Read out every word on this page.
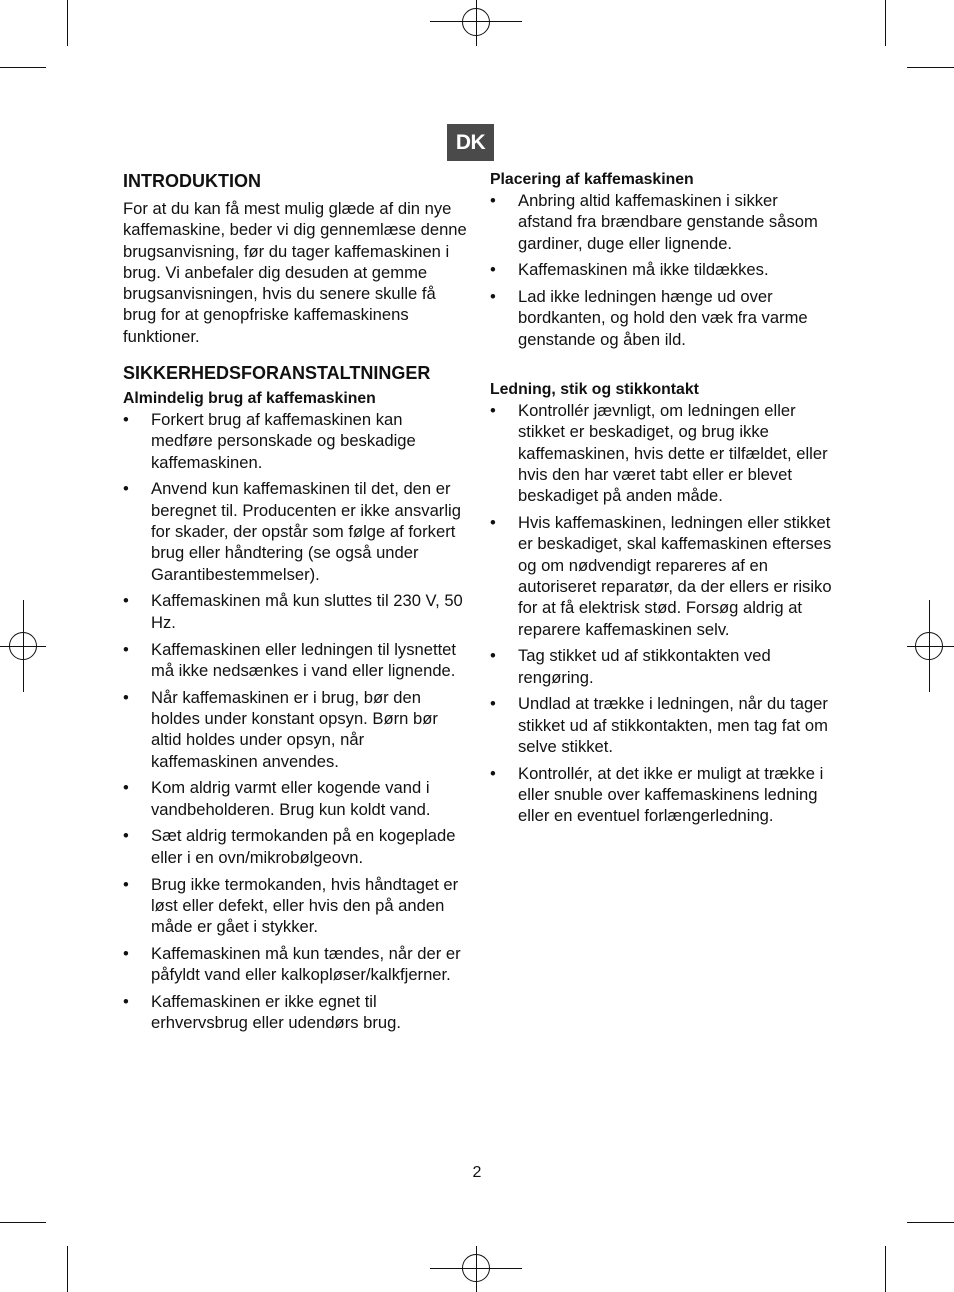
DK
INTRODUKTION

For at du kan få mest mulig glæde af din nye kaffemaskine, beder vi dig gennemlæse denne brugsanvisning, før du tager kaffemaskinen i brug. Vi anbefaler dig desuden at gemme brugsanvisningen, hvis du senere skulle få brug for at genopfriske kaffemaskinens funktioner.

SIKKERHEDSFORANSTALTNINGER
Almindelig brug af kaffemaskinen
• Forkert brug af kaffemaskinen kan medføre personskade og beskadige kaffemaskinen.
• Anvend kun kaffemaskinen til det, den er beregnet til. Producenten er ikke ansvarlig for skader, der opstår som følge af forkert brug eller håndtering (se også under Garantibestemmelser).
• Kaffemaskinen må kun sluttes til 230 V, 50 Hz.
• Kaffemaskinen eller ledningen til lysnettet må ikke nedsænkes i vand eller lignende.
• Når kaffemaskinen er i brug, bør den holdes under konstant opsyn. Børn bør altid holdes under opsyn, når kaffemaskinen anvendes.
• Kom aldrig varmt eller kogende vand i vandbeholderen. Brug kun koldt vand.
• Sæt aldrig termokanden på en kogeplade eller i en ovn/mikrobølgeovn.
• Brug ikke termokanden, hvis håndtaget er løst eller defekt, eller hvis den på anden måde er gået i stykker.
• Kaffemaskinen må kun tændes, når der er påfyldt vand eller kalkopløser/kalkfjerner.
• Kaffemaskinen er ikke egnet til erhvervsbrug eller udendørs brug.
Placering af kaffemaskinen
• Anbring altid kaffemaskinen i sikker afstand fra brændbare genstande såsom gardiner, duge eller lignende.
• Kaffemaskinen må ikke tildækkes.
• Lad ikke ledningen hænge ud over bordkanten, og hold den væk fra varme genstande og åben ild.
Ledning, stik og stikkontakt
• Kontrollér jævnligt, om ledningen eller stikket er beskadiget, og brug ikke kaffemaskinen, hvis dette er tilfældet, eller hvis den har været tabt eller er blevet beskadiget på anden måde.
• Hvis kaffemaskinen, ledningen eller stikket er beskadiget, skal kaffemaskinen efterses og om nødvendigt repareres af en autoriseret reparatør, da der ellers er risiko for at få elektrisk stød. Forsøg aldrig at reparere kaffemaskinen selv.
• Tag stikket ud af stikkontakten ved rengøring.
• Undlad at trække i ledningen, når du tager stikket ud af stikkontakten, men tag fat om selve stikket.
• Kontrollér, at det ikke er muligt at trække i eller snuble over kaffemaskinens ledning eller en eventuel forlængerledning.
2
